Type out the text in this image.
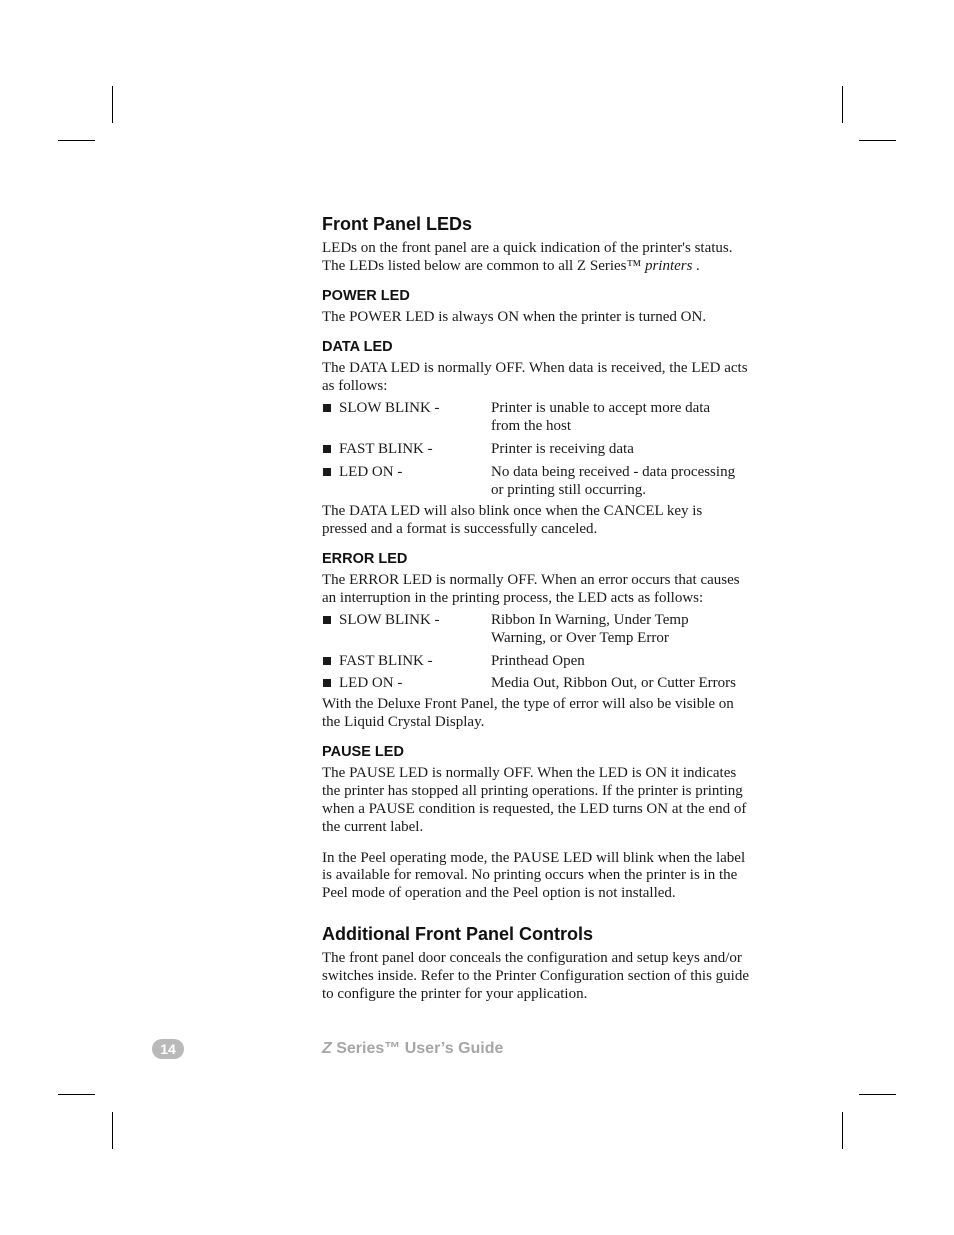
Front Panel LEDs
LEDs on the front panel are a quick indication of the printer's status.
The LEDs listed below are common to all Z Series™ printers .
POWER LED
The POWER LED is always ON when the printer is turned ON.
DATA LED
The DATA LED is normally OFF. When data is received, the LED acts
as follows:
SLOW BLINK -	Printer is unable to accept more data
from the host
FAST BLINK -	Printer is receiving data
LED ON -	No data being received - data processing
or printing still occurring.
The DATA LED will also blink once when the CANCEL key is
pressed and a format is successfully canceled.
ERROR LED
The ERROR LED is normally OFF. When an error occurs that causes
an interruption in the printing process, the LED acts as follows:
SLOW BLINK -	Ribbon In Warning, Under Temp
Warning, or Over Temp Error
FAST BLINK -	Printhead Open
LED ON -	Media Out, Ribbon Out, or Cutter Errors
With the Deluxe Front Panel, the type of error will also be visible on
the Liquid Crystal Display.
PAUSE LED
The PAUSE LED is normally OFF. When the LED is ON it indicates
the printer has stopped all printing operations. If the printer is printing
when a PAUSE condition is requested, the LED turns ON at the end of
the current label.
In the Peel operating mode, the PAUSE LED will blink when the label
is available for removal. No printing occurs when the printer is in the
Peel mode of operation and the Peel option is not installed.
Additional Front Panel Controls
The front panel door conceals the configuration and setup keys and/or
switches inside. Refer to the Printer Configuration section of this guide
to configure the printer for your application.
14	Z Series™ User’s Guide
